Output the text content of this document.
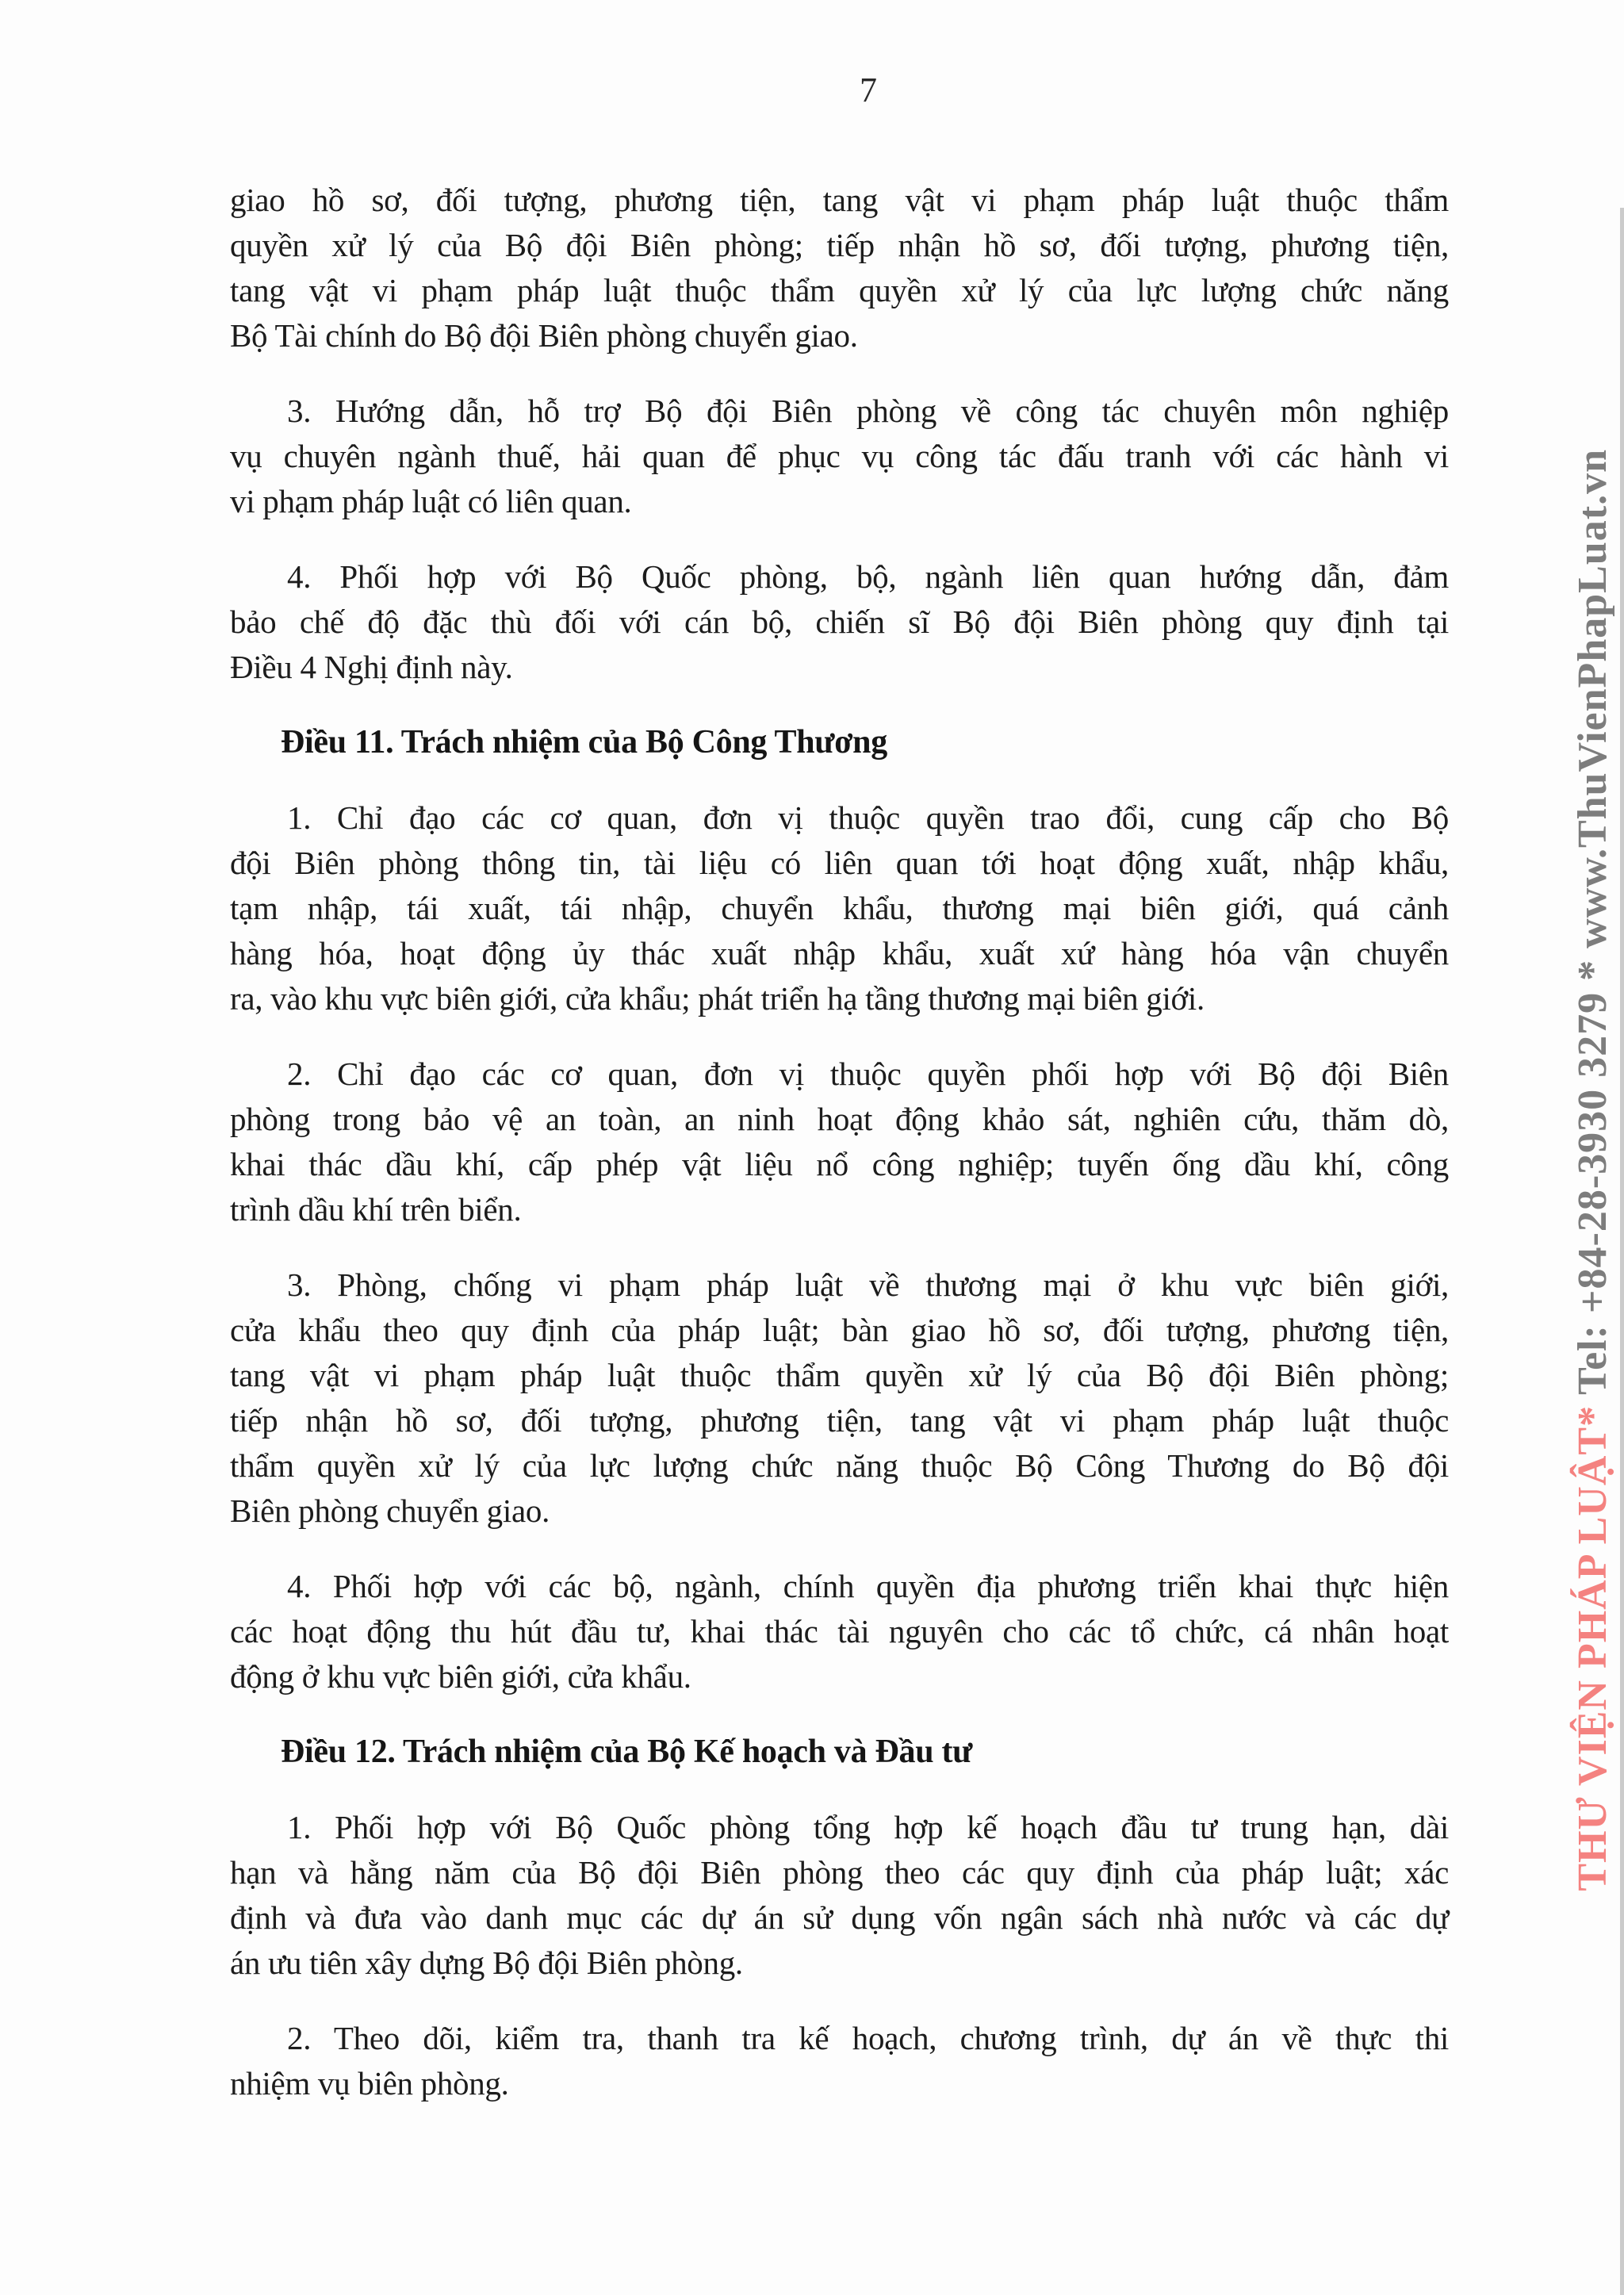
7
giao hồ sơ, đối tượng, phương tiện, tang vật vi phạm pháp luật thuộc thẩm
quyền xử lý của Bộ đội Biên phòng; tiếp nhận hồ sơ, đối tượng, phương tiện,
tang vật vi phạm pháp luật thuộc thẩm quyền xử lý của lực lượng chức năng
Bộ Tài chính do Bộ đội Biên phòng chuyển giao.
3. Hướng dẫn, hỗ trợ Bộ đội Biên phòng về công tác chuyên môn nghiệp
vụ chuyên ngành thuế, hải quan để phục vụ công tác đấu tranh với các hành vi
vi phạm pháp luật có liên quan.
4. Phối hợp với Bộ Quốc phòng, bộ, ngành liên quan hướng dẫn, đảm
bảo chế độ đặc thù đối với cán bộ, chiến sĩ Bộ đội Biên phòng quy định tại
Điều 4 Nghị định này.
Điều 11. Trách nhiệm của Bộ Công Thương
1. Chỉ đạo các cơ quan, đơn vị thuộc quyền trao đổi, cung cấp cho Bộ
đội Biên phòng thông tin, tài liệu có liên quan tới hoạt động xuất, nhập khẩu,
tạm nhập, tái xuất, tái nhập, chuyển khẩu, thương mại biên giới, quá cảnh
hàng hóa, hoạt động ủy thác xuất nhập khẩu, xuất xứ hàng hóa vận chuyển
ra, vào khu vực biên giới, cửa khẩu; phát triển hạ tầng thương mại biên giới.
2. Chỉ đạo các cơ quan, đơn vị thuộc quyền phối hợp với Bộ đội Biên
phòng trong bảo vệ an toàn, an ninh hoạt động khảo sát, nghiên cứu, thăm dò,
khai thác dầu khí, cấp phép vật liệu nổ công nghiệp; tuyến ống dầu khí, công
trình dầu khí trên biển.
3. Phòng, chống vi phạm pháp luật về thương mại ở khu vực biên giới,
cửa khẩu theo quy định của pháp luật; bàn giao hồ sơ, đối tượng, phương tiện,
tang vật vi phạm pháp luật thuộc thẩm quyền xử lý của Bộ đội Biên phòng;
tiếp nhận hồ sơ, đối tượng, phương tiện, tang vật vi phạm pháp luật thuộc
thẩm quyền xử lý của lực lượng chức năng thuộc Bộ Công Thương do Bộ đội
Biên phòng chuyển giao.
4. Phối hợp với các bộ, ngành, chính quyền địa phương triển khai thực hiện
các hoạt động thu hút đầu tư, khai thác tài nguyên cho các tổ chức, cá nhân hoạt
động ở khu vực biên giới, cửa khẩu.
Điều 12. Trách nhiệm của Bộ Kế hoạch và Đầu tư
1. Phối hợp với Bộ Quốc phòng tổng hợp kế hoạch đầu tư trung hạn, dài
hạn và hằng năm của Bộ đội Biên phòng theo các quy định của pháp luật; xác
định và đưa vào danh mục các dự án sử dụng vốn ngân sách nhà nước và các dự
án ưu tiên xây dựng Bộ đội Biên phòng.
2. Theo dõi, kiểm tra, thanh tra kế hoạch, chương trình, dự án về thực thi
nhiệm vụ biên phòng.
THƯ VIỆN PHÁP LUẬT* Tel: +84-28-3930 3279 * www.ThuVienPhapLuat.vn
